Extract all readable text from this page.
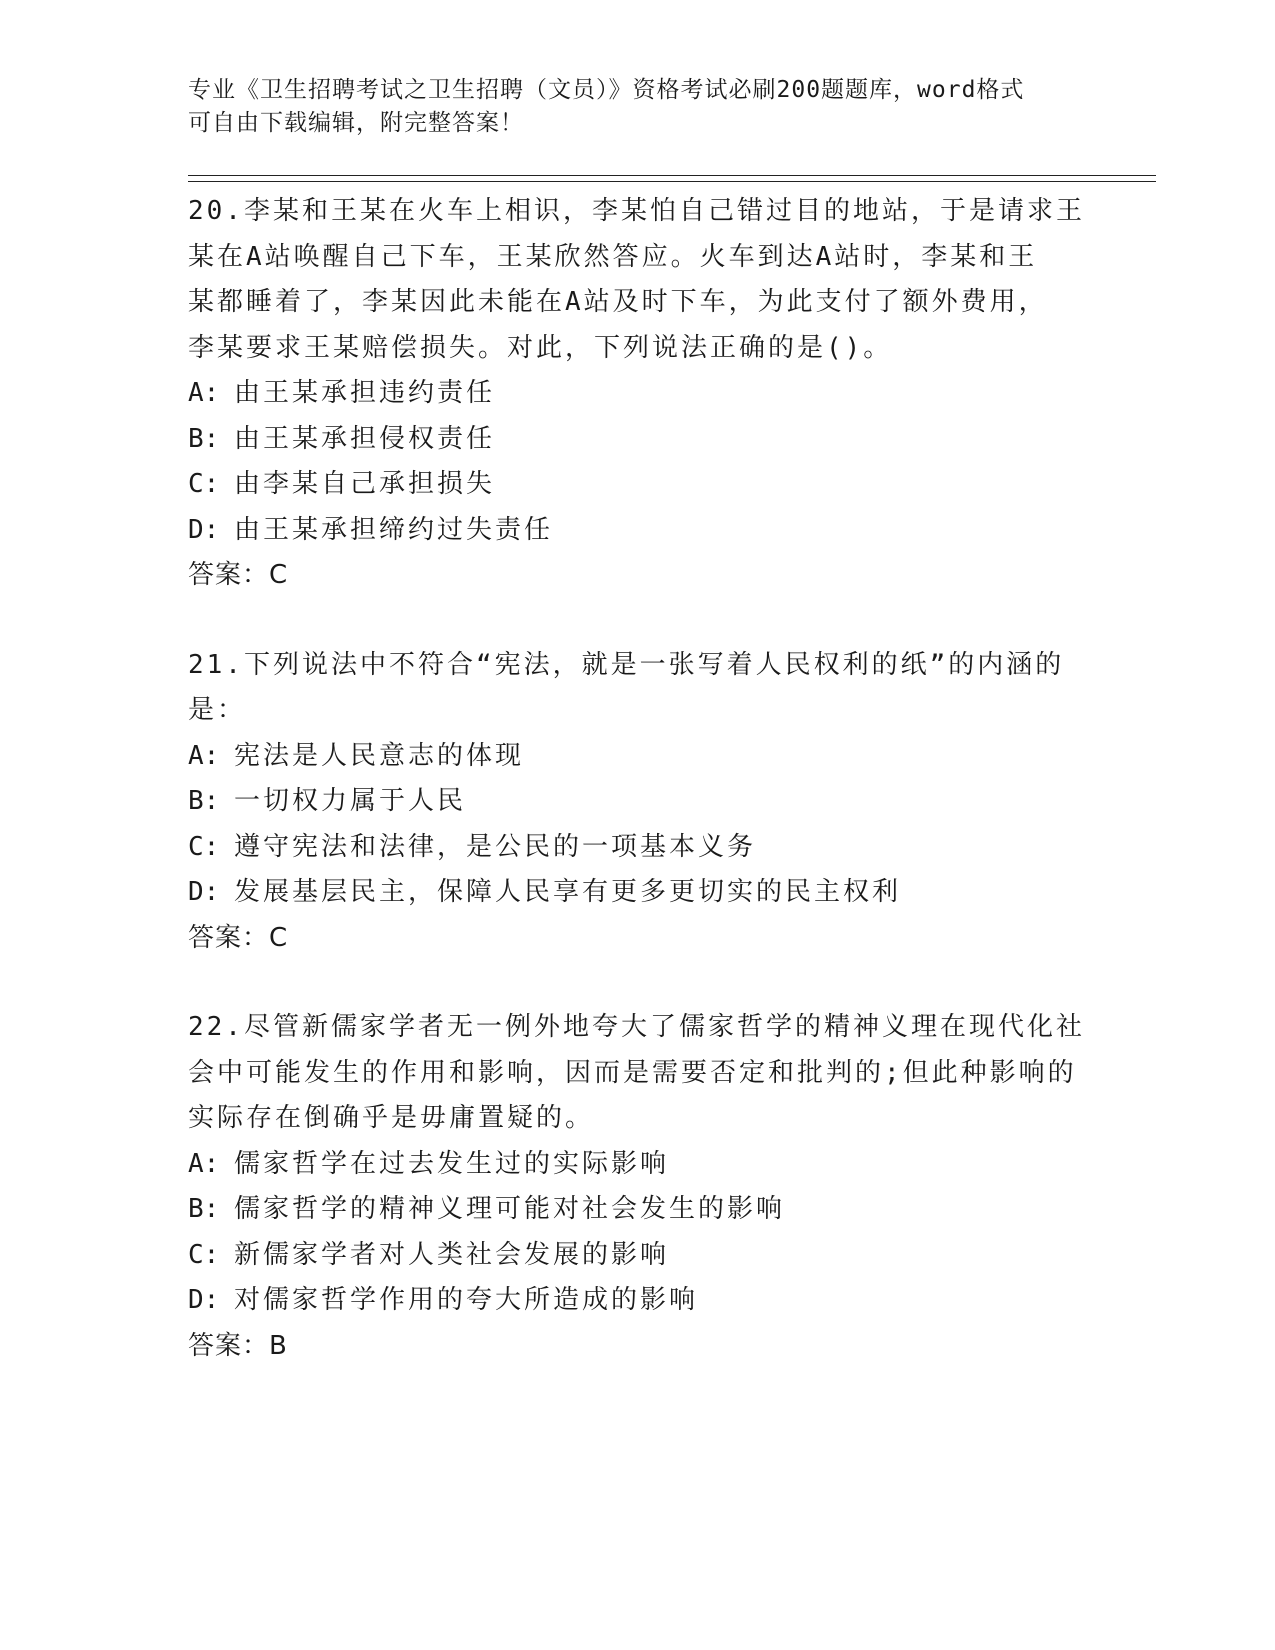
专业《卫生招聘考试之卫生招聘（文员）》资格考试必刷200题题库，word格式
可自由下载编辑，附完整答案！
20.李某和王某在火车上相识，李某怕自己错过目的地站，于是请求王
某在A站唤醒自己下车，王某欣然答应。火车到达A站时，李某和王
某都睡着了，李某因此未能在A站及时下车，为此支付了额外费用，
李某要求王某赔偿损失。对此，下列说法正确的是()。
A: 由王某承担违约责任
B: 由王某承担侵权责任
C: 由李某自己承担损失
D: 由王某承担缔约过失责任
答案：C
21.下列说法中不符合“宪法，就是一张写着人民权利的纸”的内涵的
是：
A: 宪法是人民意志的体现
B: 一切权力属于人民
C: 遵守宪法和法律，是公民的一项基本义务
D: 发展基层民主，保障人民享有更多更切实的民主权利
答案：C
22.尽管新儒家学者无一例外地夸大了儒家哲学的精神义理在现代化社
会中可能发生的作用和影响，因而是需要否定和批判的;但此种影响的
实际存在倒确乎是毋庸置疑的。
A: 儒家哲学在过去发生过的实际影响
B: 儒家哲学的精神义理可能对社会发生的影响
C: 新儒家学者对人类社会发展的影响
D: 对儒家哲学作用的夸大所造成的影响
答案：B
